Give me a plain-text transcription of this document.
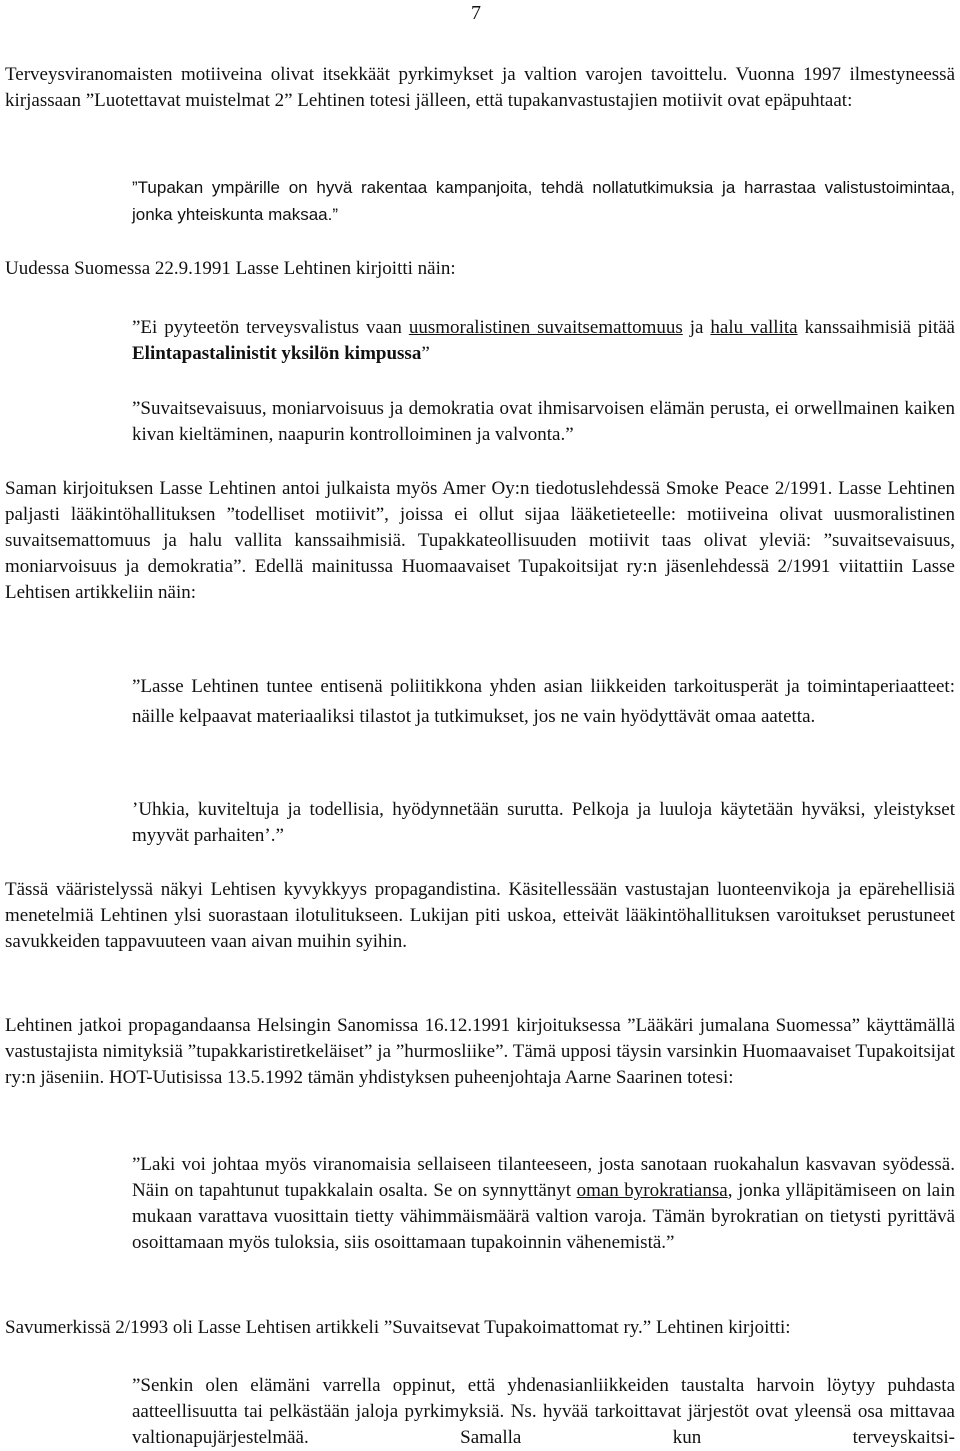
7

Terveysviranomaisten motiiveina olivat itsekkäät pyrkimykset ja valtion varojen tavoittelu. Vuonna 1997 ilmestyneessä kirjassaan ”Luotettavat muistelmat 2” Lehtinen totesi jälleen, että tupakanvastustajien motiivit ovat epäpuhtaat:

”Tupakan ympärille on hyvä rakentaa kampanjoita, tehdä nollatutkimuksia ja harrastaa valistustoimintaa, jonka yhteiskunta maksaa.”

Uudessa Suomessa 22.9.1991 Lasse Lehtinen kirjoitti näin:

”Ei pyyteetön terveysvalistus vaan uusmoralistinen suvaitsemattomuus ja halu vallita kanssaihmisiä pitää Elintapastalinistit yksilön kimpussa”

”Suvaitsevaisuus, moniarvoisuus ja demokratia ovat ihmisarvoisen elämän perusta, ei orwellmainen kaiken kivan kieltäminen, naapurin kontrolloiminen ja valvonta.”

Saman kirjoituksen Lasse Lehtinen antoi julkaista myös Amer Oy:n tiedotuslehdessä Smoke Peace 2/1991. Lasse Lehtinen paljasti lääkintöhallituksen ”todelliset motiivit”, joissa ei ollut sijaa lääketieteelle: motiiveina olivat uusmoralistinen suvaitsemattomuus ja halu vallita kanssaihmisiä. Tupakkateollisuuden motiivit taas olivat yleviä: ”suvaitsevaisuus, moniarvoisuus ja demokratia”. Edellä mainitussa Huomaavaiset Tupakoitsijat ry:n jäsenlehdessä 2/1991 viitattiin Lasse Lehtisen artikkeliin näin:

”Lasse Lehtinen tuntee entisenä poliitikkona yhden asian liikkeiden tarkoitusperät ja toimintaperiaatteet: näille kelpaavat materiaaliksi tilastot ja tutkimukset, jos ne vain hyödyttävät omaa aatetta.

’Uhkia, kuviteltuja ja todellisia, hyödynnetään surutta. Pelkoja ja luuloja käytetään hyväksi, yleistykset myyvät parhaiten’.”

Tässä vääristelyssä näkyi Lehtisen kyvykkyys propagandistina. Käsitellessään vastustajan luonteenvikoja ja epärehellisiä menetelmiä Lehtinen ylsi suorastaan ilotulitukseen. Lukijan piti uskoa, etteivät lääkintöhallituksen varoitukset perustuneet savukkeiden tappavuuteen vaan aivan muihin syihin.

Lehtinen jatkoi propagandaansa Helsingin Sanomissa 16.12.1991 kirjoituksessa ”Lääkäri jumalana Suomessa” käyttämällä vastustajista nimityksiä ”tupakkaristiretkeläiset” ja ”hurmosliike”. Tämä upposi täysin varsinkin Huomaavaiset Tupakoitsijat ry:n jäseniin. HOT-Uutisissa 13.5.1992 tämän yhdistyksen puheenjohtaja Aarne Saarinen totesi:

”Laki voi johtaa myös viranomaisia sellaiseen tilanteeseen, josta sanotaan ruokahalun kasvavan syödessä. Näin on tapahtunut tupakkalain osalta. Se on synnyttänyt oman byrokratiansa, jonka ylläpitämiseen on lain mukaan varattava vuosittain tietty vähimmäismäärä valtion varoja. Tämän byrokratian on tietysti pyrittävä osoittamaan myös tuloksia, siis osoittamaan tupakoinnin vähenemistä.”

Savumerkissä 2/1993 oli Lasse Lehtisen artikkeli ”Suvaitsevat Tupakoimattomat ry.” Lehtinen kirjoitti:

”Senkin olen elämäni varrella oppinut, että yhdenasianliikkeiden taustalta harvoin löytyy puhdasta aatteellisuutta tai pelkästään jaloja pyrkimyksiä. Ns. hyvää tarkoittavat järjestöt ovat yleensä osa mittavaa valtionapujärjestelmää. Samalla kun terveyskaitsi-
